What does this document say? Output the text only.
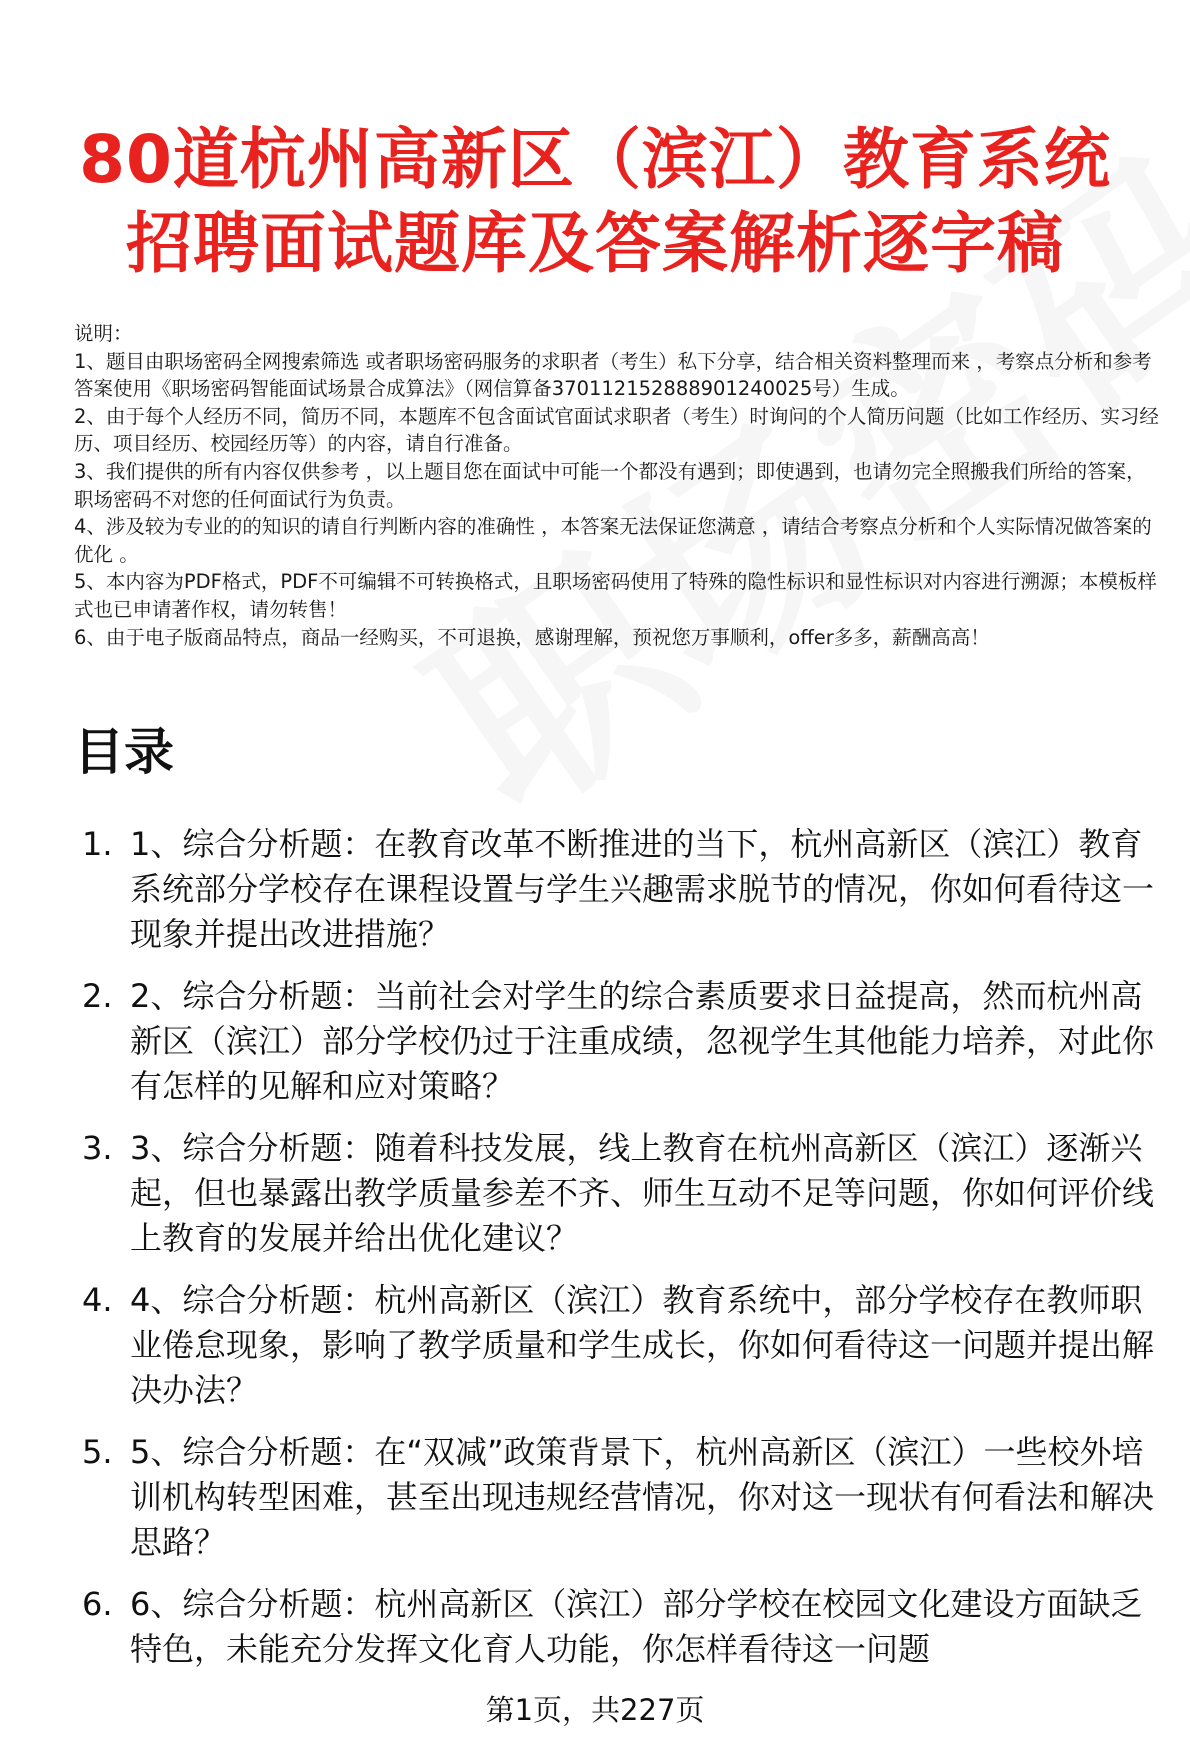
80道杭州高新区（滨江）教育系统
招聘面试题库及答案解析逐字稿

说明：

1、题目由职场密码全网搜索筛选 或者职场密码服务的求职者（考生）私下分享，结合相关资料整理而来 ，考察点分析和参考答案使用《职场密码智能面试场景合成算法》（网信算备370112152888901240025号）生成。

2、由于每个人经历不同，简历不同，本题库不包含面试官面试求职者（考生）时询问的个人简历问题（比如工作经历、实习经历、项目经历、校园经历等）的内容，请自行准备。

3、我们提供的所有内容仅供参考 ，以上题目您在面试中可能一个都没有遇到；即使遇到，也请勿完全照搬我们所给的答案，职场密码不对您的任何面试行为负责。

4、涉及较为专业的的知识的请自行判断内容的准确性 ，本答案无法保证您满意 ，请结合考察点分析和个人实际情况做答案的优化 。

5、本内容为PDF格式，PDF不可编辑不可转换格式，且职场密码使用了特殊的隐性标识和显性标识对内容进行溯源；本模板样式也已申请著作权，请勿转售！

6、由于电子版商品特点，商品一经购买，不可退换，感谢理解，预祝您万事顺利，offer多多，薪酬高高！

目录
1. 1、综合分析题：在教育改革不断推进的当下，杭州高新区（滨江）教育系统部分学校存在课程设置与学生兴趣需求脱节的情况，你如何看待这一现象并提出改进措施？
2. 2、综合分析题：当前社会对学生的综合素质要求日益提高，然而杭州高新区（滨江）部分学校仍过于注重成绩，忽视学生其他能力培养，对此你有怎样的见解和应对策略？
3. 3、综合分析题：随着科技发展，线上教育在杭州高新区（滨江）逐渐兴起，但也暴露出教学质量参差不齐、师生互动不足等问题，你如何评价线上教育的发展并给出优化建议？
4. 4、综合分析题：杭州高新区（滨江）教育系统中，部分学校存在教师职业倦怠现象，影响了教学质量和学生成长，你如何看待这一问题并提出解决办法？
5. 5、综合分析题：在“双减”政策背景下，杭州高新区（滨江）一些校外培训机构转型困难，甚至出现违规经营情况，你对这一现状有何看法和解决思路？
6. 6、综合分析题：杭州高新区（滨江）部分学校在校园文化建设方面缺乏特色，未能充分发挥文化育人功能，你怎样看待这一问题
第1页，共227页
